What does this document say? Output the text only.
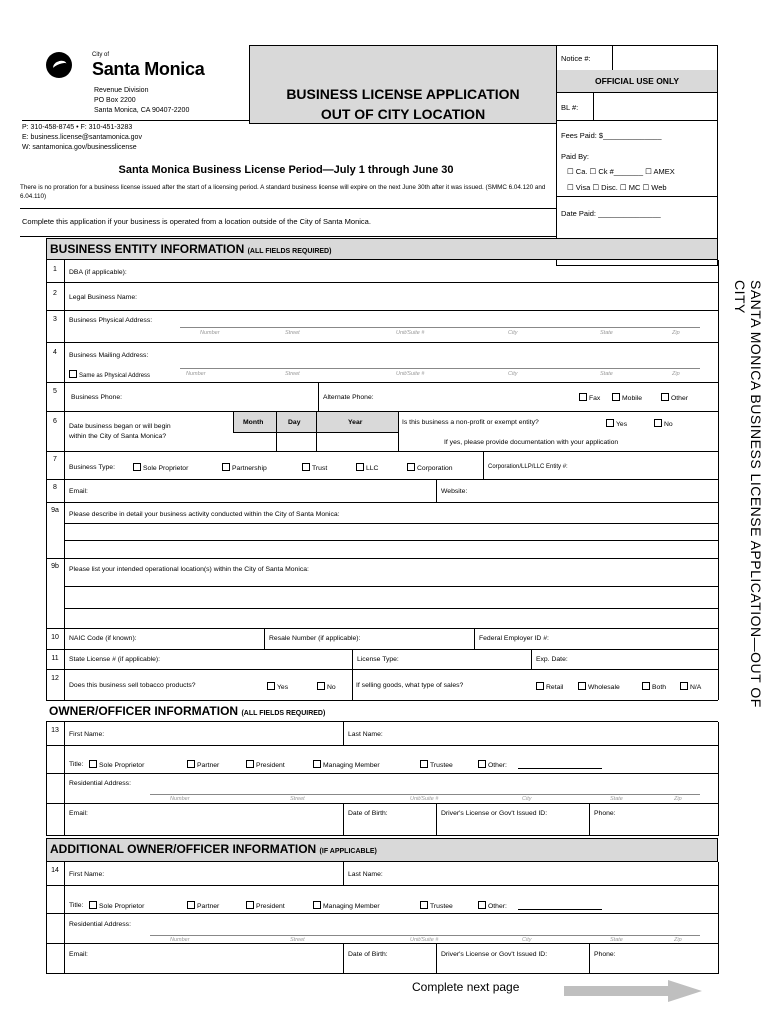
City of
Santa Monica
Revenue Division
PO Box 2200
Santa Monica, CA 90407-2200
P: 310-458-8745 • F: 310-451-3283
E: business.license@santamonica.gov
W: santamonica.gov/businesslicense
BUSINESS LICENSE APPLICATION
OUT OF CITY LOCATION
Santa Monica Business License Period—July 1 through June 30
There is no proration for a business license issued after the start of a licensing period. A standard business license will expire on the next June 30th after it was issued. (SMMC 6.04.120 and 6.04.110)
Complete this application if your business is operated from a location outside of the City of Santa Monica.
Notice #:
OFFICIAL USE ONLY
BL #:
Fees Paid: $______________
Paid By:
☐ Ca. ☐ Ck #_______ ☐ AMEX
☐ Visa ☐ Disc. ☐ MC ☐ Web
Date Paid: _______________
BUSINESS ENTITY INFORMATION (ALL FIELDS REQUIRED)
1	DBA (if applicable):
2
Legal Business Name:
3	Business Physical Address:
Number	Street	Unit/Suite #	City	State	Zip
4	Business Mailing Address:
Same as Physical Address	Number	Street	Unit/Suite #	City	State	Zip
5
Business Phone:	Alternate Phone:	Fax	Mobile	Other
6
Date business began or will begin
within the City of Santa Monica?
Month	Day	Year	Is this business a non-profit or exempt entity?	Yes	No
If yes, please provide documentation with your application
7
Business Type:	Sole Proprietor	Partnership	Trust	LLC	Corporation	Corporation/LLP/LLC Entity #:
8
Email:	Website:
9a
Please describe in detail your business activity conducted within the City of Santa Monica:
9b	Please list your intended operational location(s) within the City of Santa Monica:
10	NAIC Code (if known):	Resale Number (if applicable):	Federal Employer ID #:
11	State License # (if applicable):	License Type:	Exp. Date:
12
Does this business sell tobacco products?	Yes	No	If selling goods, what type of sales?	Retail	Wholesale	Both	N/A
OWNER/OFFICER INFORMATION (ALL FIELDS REQUIRED)
13
First Name:	Last Name:
Title:	Sole Proprietor	Partner	President	Managing Member	Trustee	Other:
Residential Address:
Number	Street	Unit/Suite #	City	State	Zip
Email:	Date of Birth:	Driver's License or Gov't Issued ID:	Phone:
ADDITIONAL OWNER/OFFICER INFORMATION (IF APPLICABLE)
14
First Name:	Last Name:
Title:	Sole Proprietor	Partner	President	Managing Member	Trustee	Other:
Residential Address:
Number	Street	Unit/Suite #	City	State	Zip
Email:	Date of Birth:	Driver's License or Gov't Issued ID:	Phone:
SANTA MONICA BUSINESS LICENSE APPLICATION—OUT OF CITY
Complete next page
